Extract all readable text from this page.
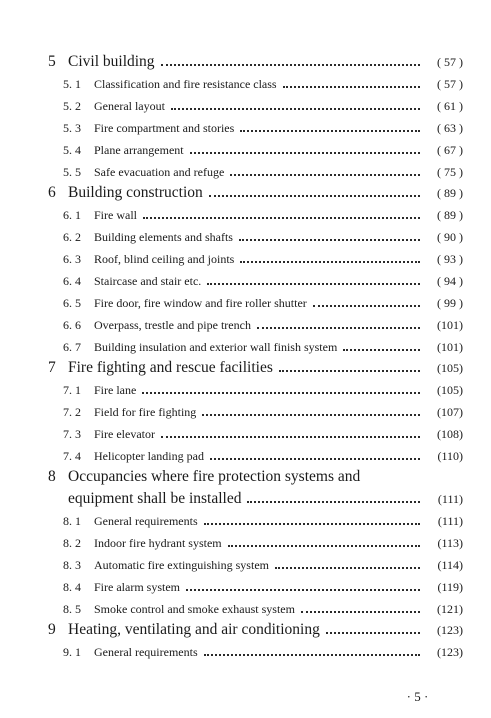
5 Civil building	( 57 )
5. 1	Classification and fire resistance class	( 57 )
5. 2	General layout	( 61 )
5. 3	Fire compartment and stories	( 63 )
5. 4	Plane arrangement	( 67 )
5. 5	Safe evacuation and refuge	( 75 )
6 Building construction	( 89 )
6. 1	Fire wall	( 89 )
6. 2	Building elements and shafts	( 90 )
6. 3	Roof, blind ceiling and joints	( 93 )
6. 4	Staircase and stair etc.	( 94 )
6. 5	Fire door, fire window and fire roller shutter	( 99 )
6. 6	Overpass, trestle and pipe trench	(101)
6. 7	Building insulation and exterior wall finish system	(101)
7 Fire fighting and rescue facilities	(105)
7. 1	Fire lane	(105)
7. 2	Field for fire fighting	(107)
7. 3	Fire elevator	(108)
7. 4	Helicopter landing pad	(110)
8 Occupancies where fire protection systems and
equipment shall be installed	(111)
8. 1	General requirements	(111)
8. 2	Indoor fire hydrant system	(113)
8. 3	Automatic fire extinguishing system	(114)
8. 4	Fire alarm system	(119)
8. 5	Smoke control and smoke exhaust system	(121)
9 Heating, ventilating and air conditioning	(123)
9. 1	General requirements	(123)
· 5 ·
